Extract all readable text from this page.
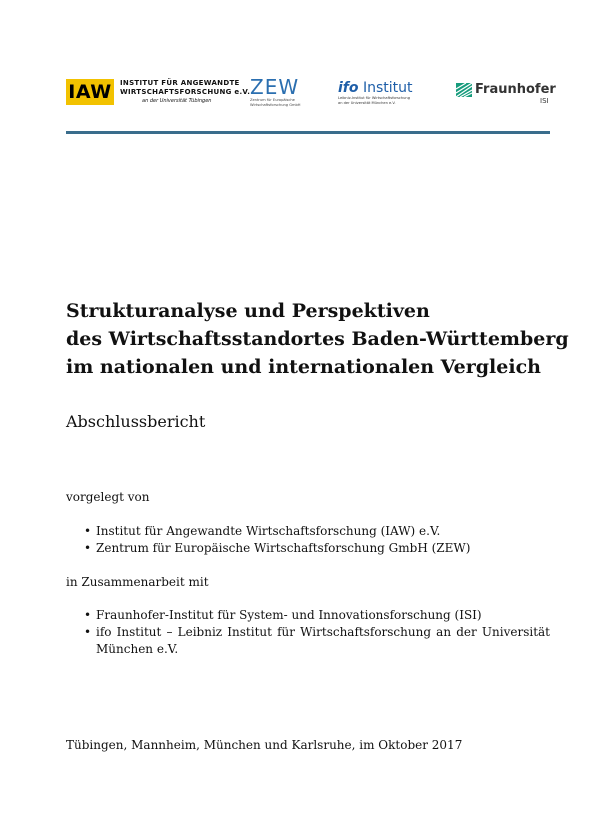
IAW	INSTITUT FÜR ANGEWANDTE
WIRTSCHAFTSFORSCHUNG e.V.
an der Universität Tübingen
ZEW
Zentrum für Europäische
Wirtschaftsforschung GmbH
ifo Institut
Leibniz-Institut für Wirtschaftsforschung
an der Universität München e.V.
Fraunhofer
ISI
Strukturanalyse und Perspektiven
des Wirtschaftsstandortes Baden-Württemberg
im nationalen und internationalen Vergleich
Abschlussbericht
vorgelegt von
• Institut für Angewandte Wirtschaftsforschung (IAW) e.V.
• Zentrum für Europäische Wirtschaftsforschung GmbH (ZEW)
in Zusammenarbeit mit
• Fraunhofer-Institut für System- und Innovationsforschung (ISI)
• ifo Institut – Leibniz Institut für Wirtschaftsforschung an der Universität München e.V.
Tübingen, Mannheim, München und Karlsruhe, im Oktober 2017
